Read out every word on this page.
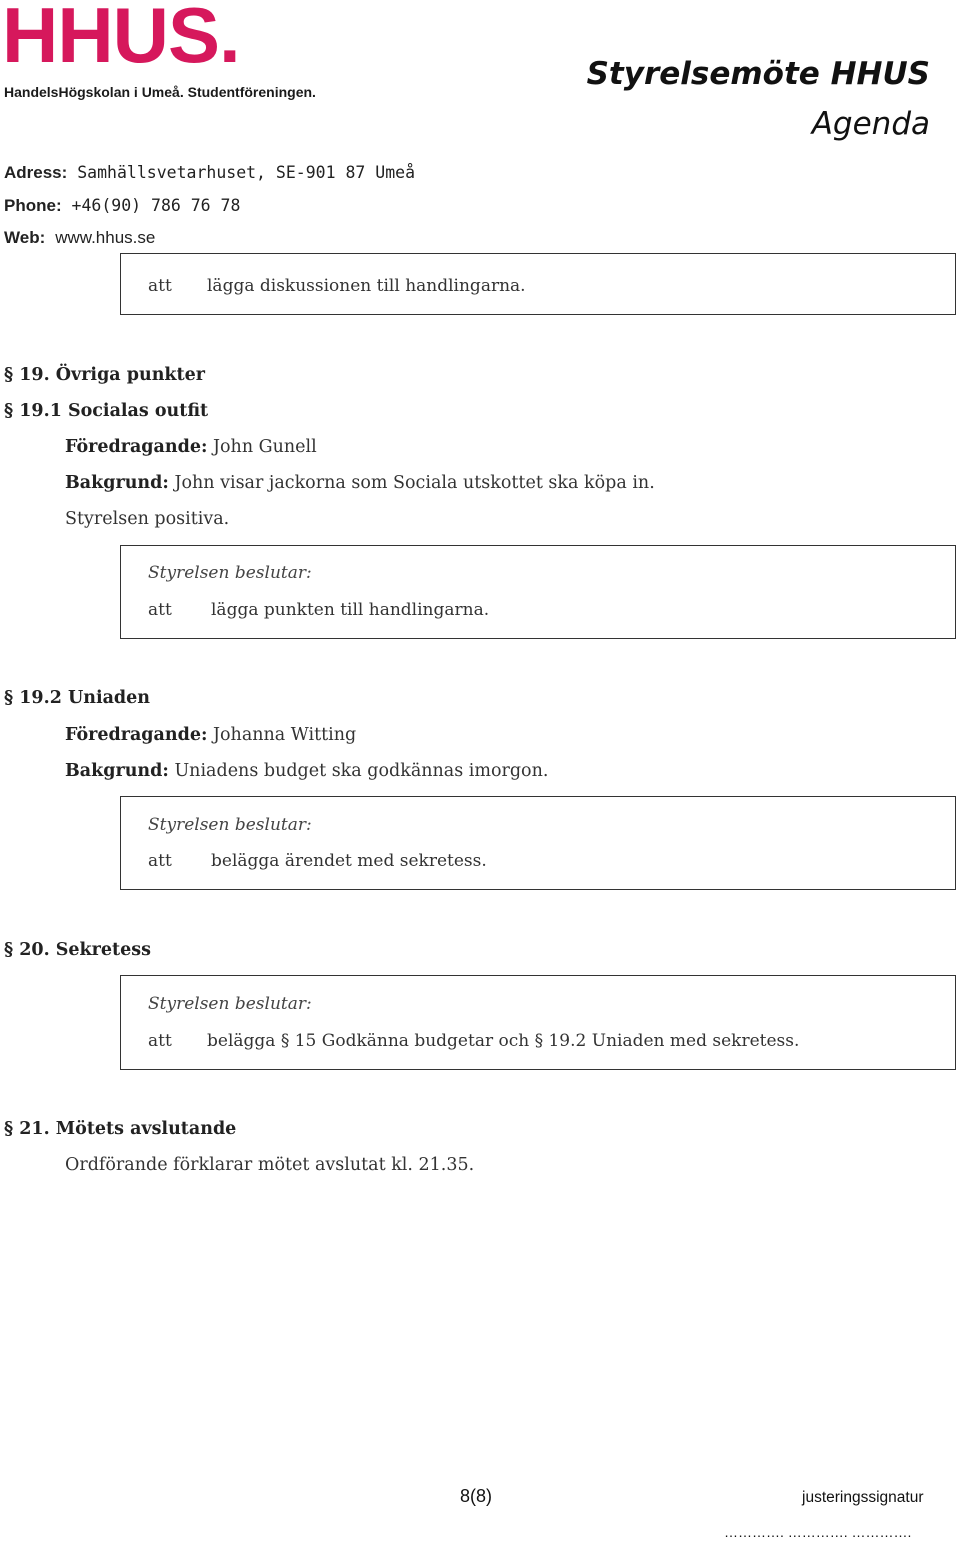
HHUS.
HandelsHögskolan i Umeå. Studentföreningen.	Styrelsemöte HHUS
Agenda
Adress: Samhällsvetarhuset, SE-901 87 Umeå
Phone: +46(90) 786 76 78
Web: www.hhus.se
att lägga diskussionen till handlingarna.
§ 19. Övriga punkter
§ 19.1 Socialas outfit
Föredragande: John Gunell
Bakgrund: John visar jackorna som Sociala utskottet ska köpa in.
Styrelsen positiva.
Styrelsen beslutar:
att lägga punkten till handlingarna.
§ 19.2 Uniaden
Föredragande: Johanna Witting
Bakgrund: Uniadens budget ska godkännas imorgon.
Styrelsen beslutar:
att belägga ärendet med sekretess.
§ 20. Sekretess
Styrelsen beslutar:
att belägga § 15 Godkänna budgetar och § 19.2 Uniaden med sekretess.
§ 21. Mötets avslutande
Ordförande förklarar mötet avslutat kl. 21.35.
8(8)	justeringssignatur
…………. …………. ………….
